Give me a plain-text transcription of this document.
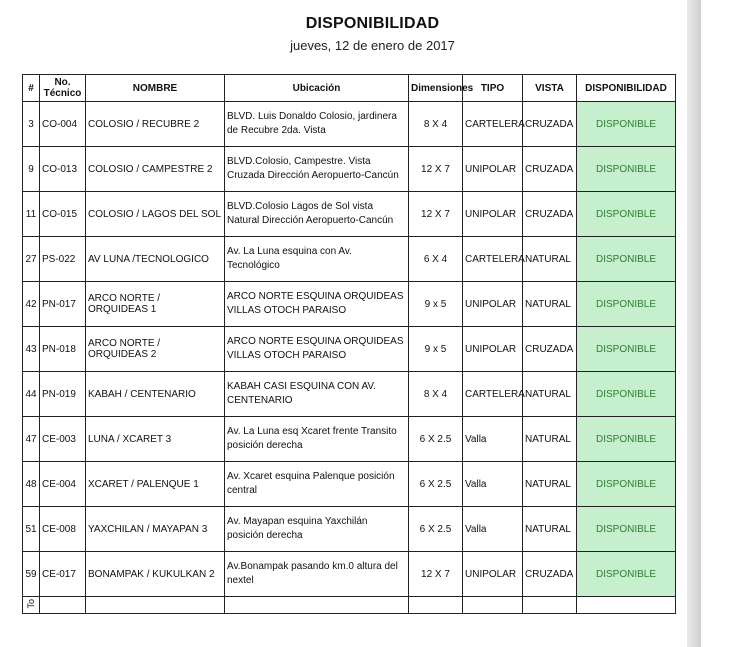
DISPONIBILIDAD
jueves, 12 de enero de 2017
#	No. Técnico	NOMBRE	Ubicación	Dimensiones	TIPO	VISTA	DISPONIBILIDAD
3	CO-004	COLOSIO / RECUBRE 2	BLVD. Luis Donaldo Colosio, jardinera de Recubre 2da. Vista	8 X 4	CARTELERA	CRUZADA	DISPONIBLE
9	CO-013	COLOSIO / CAMPESTRE 2	BLVD.Colosio, Campestre. Vista Cruzada Dirección Aeropuerto-Cancún	12 X 7	UNIPOLAR	CRUZADA	DISPONIBLE
11	CO-015	COLOSIO / LAGOS DEL SOL	BLVD.Colosio Lagos de Sol vista Natural Dirección Aeropuerto-Cancún	12 X 7	UNIPOLAR	CRUZADA	DISPONIBLE
27	PS-022	AV LUNA /TECNOLOGICO	Av. La Luna esquina con Av. Tecnológico	6 X 4	CARTELERA	NATURAL	DISPONIBLE
42	PN-017	ARCO NORTE / ORQUIDEAS 1	ARCO NORTE ESQUINA ORQUIDEAS VILLAS OTOCH PARAISO	9 x 5	UNIPOLAR	NATURAL	DISPONIBLE
43	PN-018	ARCO NORTE / ORQUIDEAS 2	ARCO NORTE ESQUINA ORQUIDEAS VILLAS OTOCH PARAISO	9 x 5	UNIPOLAR	CRUZADA	DISPONIBLE
44	PN-019	KABAH / CENTENARIO	KABAH CASI ESQUINA CON AV. CENTENARIO	8 X 4	CARTELERA	NATURAL	DISPONIBLE
47	CE-003	LUNA / XCARET 3	Av. La Luna esq Xcaret frente Transito posición derecha	6 X 2.5	Valla	NATURAL	DISPONIBLE
48	CE-004	XCARET / PALENQUE 1	Av. Xcaret esquina Palenque posición central	6 X 2.5	Valla	NATURAL	DISPONIBLE
51	CE-008	YAXCHILAN / MAYAPAN 3	Av. Mayapan esquina Yaxchilán posición derecha	6 X 2.5	Valla	NATURAL	DISPONIBLE
59	CE-017	BONAMPAK / KUKULKAN 2	Av.Bonampak pasando km.0 altura del nextel	12 X 7	UNIPOLAR	CRUZADA	DISPONIBLE
To							
